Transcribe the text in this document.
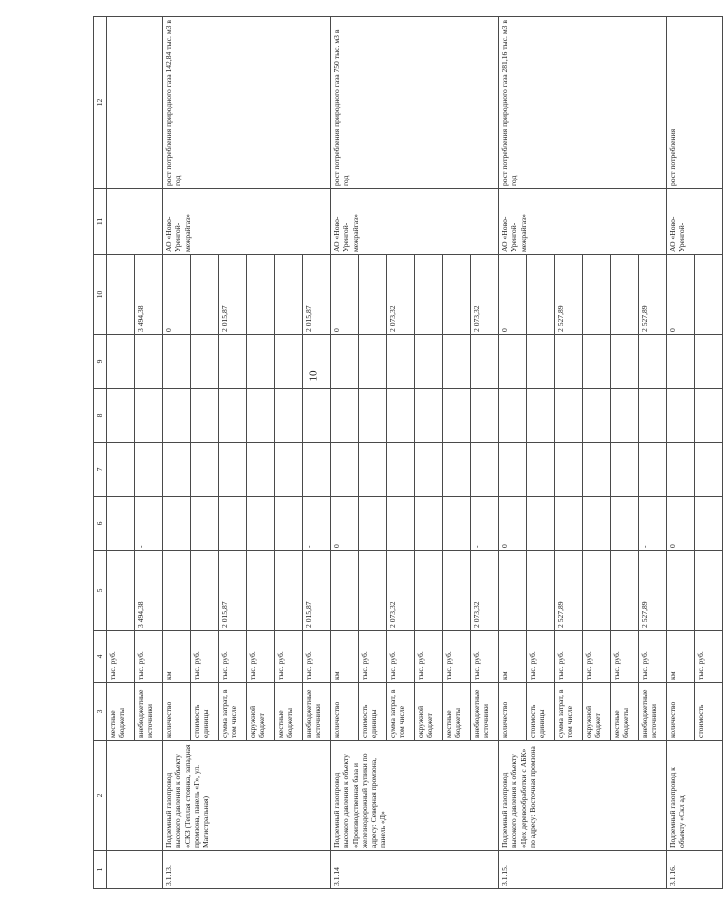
10
1	2	3	4	5	6	7	8	9	10	11	12
		местные бюджеты	тыс. руб.								
		внебюджетные источники	тыс. руб.	3 494,38	-				3 494,38		
3.1.13.	Подземный газопровод высокого давления к объекту «СКЗ (Теплая стоянка, западная промзона, панель «Г», ул. Магистральная)	количество	км						0	АО «Ново-Уренгой-межрайгаз»	рост потребления природного газа 142,84 тыс. м3 в год
		стоимость единицы	тыс. руб.								
		сумма затрат, в том числе	тыс. руб.	2 015,87					2 015,87		
		окружной бюджет	тыс. руб.								
		местные бюджеты	тыс. руб.								
		внебюджетные источники	тыс. руб.	2 015,87	-				2 015,87		
3.1.14	Подземный газопровод высокого давления к объекту «Производственная база и железнодорожный тупики по адресу: Северная промзона, панель «Д»	количество	км		0				0	АО «Ново-Уренгой-межрайгаз»	рост потребления природного газа 750 тыс. м3 в год
		стоимость единицы	тыс. руб.								
		сумма затрат, в том числе	тыс. руб.	2 073,32					2 073,32		
		окружной бюджет	тыс. руб.								
		местные бюджеты	тыс. руб.								
		внебюджетные источники	тыс. руб.	2 073,32	-				2 073,32		
3.1.15.	Подземный газопровод высокого давления к объекту «Цех деревообработки с АБК» по адресу: Восточная промзона	количество	км		0				0	АО «Ново-Уренгой-межрайгаз»	рост потребления природного газа 281,16 тыс. м3 в год
		стоимость единицы	тыс. руб.								
		сумма затрат, в том числе	тыс. руб.	2 527,89					2 527,89		
		окружной бюджет	тыс. руб.								
		местные бюджеты	тыс. руб.								
		внебюджетные источники	тыс. руб.	2 527,89	-				2 527,89		
3.1.16.	Подземный газопровод к объекту «Скл ад	количество	км		0				0	АО «Ново-Уренгой-	рост потребления
		стоимость	тыс. руб.								
